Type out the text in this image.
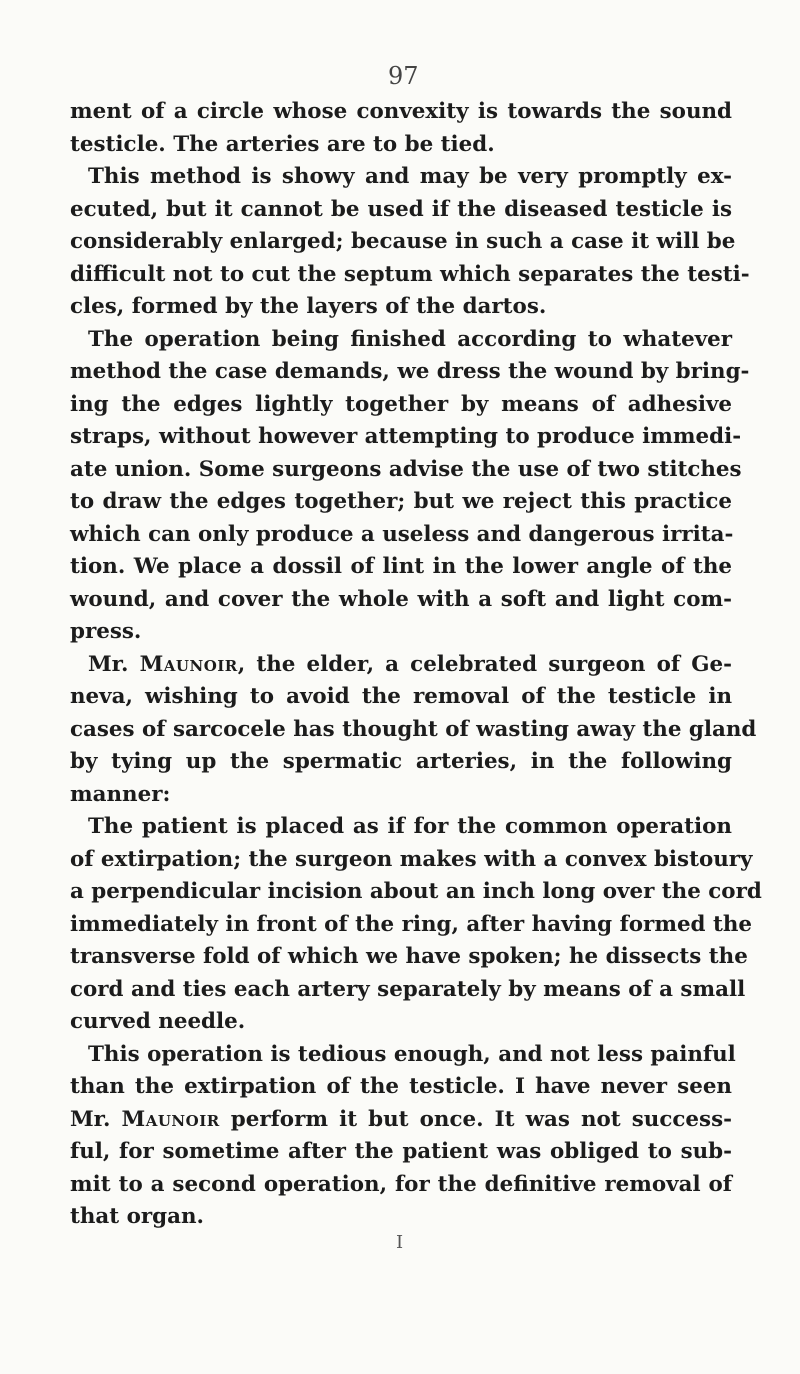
97
ment of a circle whose convexity is towards the sound
testicle. The arteries are to be tied.
This method is showy and may be very promptly ex-
ecuted, but it cannot be used if the diseased testicle is
considerably enlarged; because in such a case it will be
difficult not to cut the septum which separates the testi-
cles, formed by the layers of the dartos.
The operation being finished according to whatever
method the case demands, we dress the wound by bring-
ing the edges lightly together by means of adhesive
straps, without however attempting to produce immedi-
ate union. Some surgeons advise the use of two stitches
to draw the edges together; but we reject this practice
which can only produce a useless and dangerous irrita-
tion. We place a dossil of lint in the lower angle of the
wound, and cover the whole with a soft and light com-
press.
Mr. Maunoir, the elder, a celebrated surgeon of Ge-
neva, wishing to avoid the removal of the testicle in
cases of sarcocele has thought of wasting away the gland
by tying up the spermatic arteries, in the following
manner:
The patient is placed as if for the common operation
of extirpation; the surgeon makes with a convex bistoury
a perpendicular incision about an inch long over the cord
immediately in front of the ring, after having formed the
transverse fold of which we have spoken; he dissects the
cord and ties each artery separately by means of a small
curved needle.
This operation is tedious enough, and not less painful
than the extirpation of the testicle. I have never seen
Mr. Maunoir perform it but once. It was not success-
ful, for sometime after the patient was obliged to sub-
mit to a second operation, for the definitive removal of
that organ.
I
